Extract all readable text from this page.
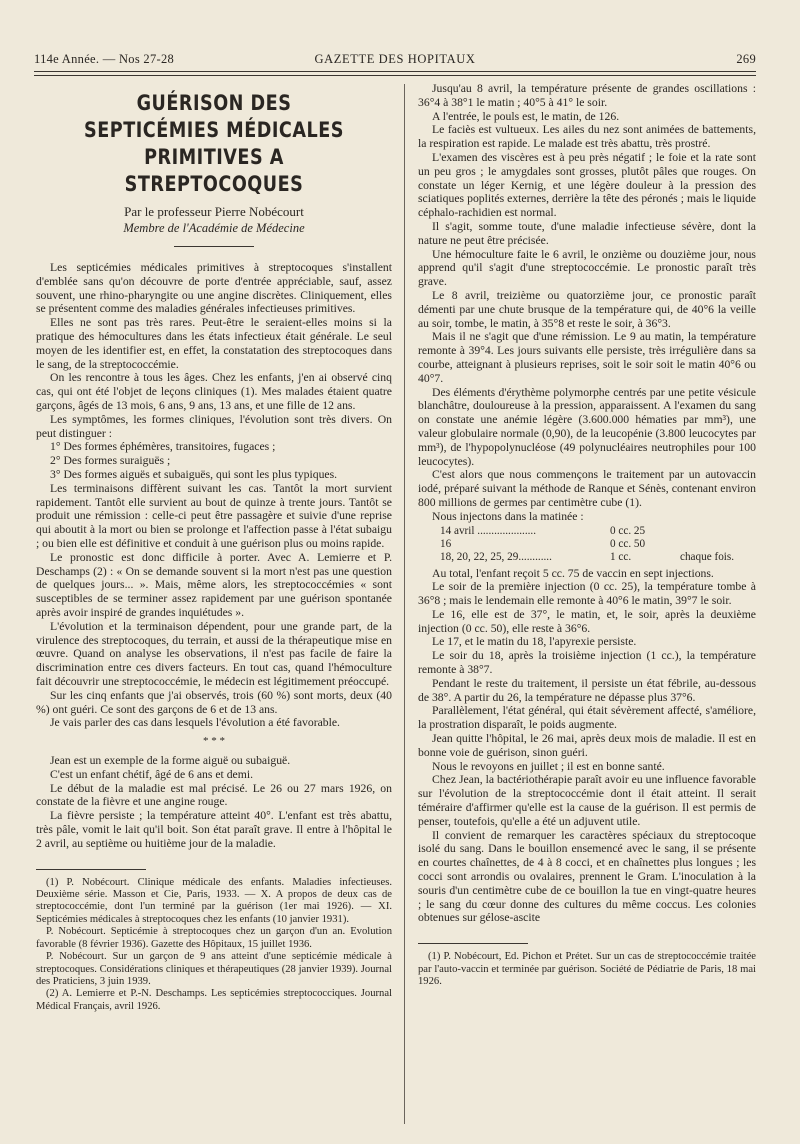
114e Année. — Nos 27-28	GAZETTE DES HOPITAUX	269
GUÉRISON DES SEPTICÉMIES MÉDICALES
PRIMITIVES A STREPTOCOQUES
Par le professeur Pierre Nobécourt
Membre de l'Académie de Médecine

Les septicémies médicales primitives à streptocoques s'installent d'emblée sans qu'on découvre de porte d'entrée appréciable, sauf, assez souvent, une rhino-pharyngite ou une angine discrètes. Cliniquement, elles se présentent comme des maladies générales infectieuses primitives.

Elles ne sont pas très rares. Peut-être le seraient-elles moins si la pratique des hémocultures dans les états infectieux était générale. Le seul moyen de les identifier est, en effet, la constatation des streptocoques dans le sang, de la streptococcémie.

On les rencontre à tous les âges. Chez les enfants, j'en ai observé cinq cas, qui ont été l'objet de leçons cliniques (1). Mes malades étaient quatre garçons, âgés de 13 mois, 6 ans, 9 ans, 13 ans, et une fille de 12 ans.

Les symptômes, les formes cliniques, l'évolution sont très divers. On peut distinguer :

1° Des formes éphémères, transitoires, fugaces ;

2° Des formes suraiguës ;

3° Des formes aiguës et subaiguës, qui sont les plus typiques.

Les terminaisons diffèrent suivant les cas. Tantôt la mort survient rapidement. Tantôt elle survient au bout de quinze à trente jours. Tantôt se produit une rémission : celle-ci peut être passagère et suivie d'une reprise qui aboutit à la mort ou bien se prolonge et l'affection passe à l'état subaigu ; ou bien elle est définitive et conduit à une guérison plus ou moins rapide.

Le pronostic est donc difficile à porter. Avec A. Lemierre et P. Deschamps (2) : « On se demande souvent si la mort n'est pas une question de quelques jours... ». Mais, même alors, les streptococcémies « sont susceptibles de se terminer assez rapidement par une guérison spontanée après avoir inspiré de grandes inquiétudes ».

L'évolution et la terminaison dépendent, pour une grande part, de la virulence des streptocoques, du terrain, et aussi de la thérapeutique mise en œuvre. Quand on analyse les observations, il n'est pas facile de faire la discrimination entre ces divers facteurs. En tout cas, quand l'hémoculture fait découvrir une streptococcémie, le médecin est légitimement préoccupé.

Sur les cinq enfants que j'ai observés, trois (60 %) sont morts, deux (40 %) ont guéri. Ce sont des garçons de 6 et de 13 ans.

Je vais parler des cas dans lesquels l'évolution a été favorable.

* * *

Jean est un exemple de la forme aiguë ou subaiguë.

C'est un enfant chétif, âgé de 6 ans et demi.

Le début de la maladie est mal précisé. Le 26 ou 27 mars 1926, on constate de la fièvre et une angine rouge.

La fièvre persiste ; la température atteint 40°. L'enfant est très abattu, très pâle, vomit le lait qu'il boit. Son état paraît grave. Il entre à l'hôpital le 2 avril, au septième ou huitième jour de la maladie.

(1) P. Nobécourt. Clinique médicale des enfants. Maladies infectieuses. Deuxième série. Masson et Cie, Paris, 1933. — X. A propos de deux cas de streptococcémie, dont l'un terminé par la guérison (1er mai 1926). — XI. Septicémies médicales à streptocoques chez les enfants (10 janvier 1931).

P. Nobécourt. Septicémie à streptocoques chez un garçon d'un an. Evolution favorable (8 février 1936). Gazette des Hôpitaux, 15 juillet 1936.

P. Nobécourt. Sur un garçon de 9 ans atteint d'une septicémie médicale à streptocoques. Considérations cliniques et thérapeutiques (28 janvier 1939). Journal des Praticiens, 3 juin 1939.

(2) A. Lemierre et P.-N. Deschamps. Les septicémies streptococciques. Journal Médical Français, avril 1926.

Jusqu'au 8 avril, la température présente de grandes oscillations : 36°4 à 38°1 le matin ; 40°5 à 41° le soir.

A l'entrée, le pouls est, le matin, de 126.

Le faciès est vultueux. Les ailes du nez sont animées de battements, la respiration est rapide. Le malade est très abattu, très prostré.

L'examen des viscères est à peu près négatif ; le foie et la rate sont un peu gros ; le amygdales sont grosses, plutôt pâles que rouges. On constate un léger Kernig, et une légère douleur à la pression des sciatiques poplités externes, derrière la tête des péronés ; mais le liquide céphalo-rachidien est normal.

Il s'agit, somme toute, d'une maladie infectieuse sévère, dont la nature ne peut être précisée.

Une hémoculture faite le 6 avril, le onzième ou douzième jour, nous apprend qu'il s'agit d'une streptococcémie. Le pronostic paraît très grave.

Le 8 avril, treizième ou quatorzième jour, ce pronostic paraît démenti par une chute brusque de la température qui, de 40°6 la veille au soir, tombe, le matin, à 35°8 et reste le soir, à 36°3.

Mais il ne s'agit que d'une rémission. Le 9 au matin, la température remonte à 39°4. Les jours suivants elle persiste, très irrégulière dans sa courbe, atteignant à plusieurs reprises, soit le soir soit le matin 40°6 ou 40°7.

Des éléments d'érythème polymorphe centrés par une petite vésicule blanchâtre, douloureuse à la pression, apparaissent. A l'examen du sang on constate une anémie légère (3.600.000 hématies par mm³), une valeur globulaire normale (0,90), de la leucopénie (3.800 leucocytes par mm³), de l'hypopolynucléose (49 polynucléaires neutrophiles pour 100 leucocytes).

C'est alors que nous commençons le traitement par un autovaccin iodé, préparé suivant la méthode de Ranque et Sénès, contenant environ 800 millions de germes par centimètre cube (1).

Nous injectons dans la matinée :

14 avril .....................	0 cc. 25
16	0 cc. 50
18, 20, 22, 25, 29............	1 cc.	chaque fois.

Au total, l'enfant reçoit 5 cc. 75 de vaccin en sept injections.

Le soir de la première injection (0 cc. 25), la température tombe à 36°8 ; mais le lendemain elle remonte à 40°6 le matin, 39°7 le soir.

Le 16, elle est de 37°, le matin, et, le soir, après la deuxième injection (0 cc. 50), elle reste à 36°6.

Le 17, et le matin du 18, l'apyrexie persiste.

Le soir du 18, après la troisième injection (1 cc.), la température remonte à 38°7.

Pendant le reste du traitement, il persiste un état fébrile, au-dessous de 38°. A partir du 26, la température ne dépasse plus 37°6.

Parallèlement, l'état général, qui était sévèrement affecté, s'améliore, la prostration disparaît, le poids augmente.

Jean quitte l'hôpital, le 26 mai, après deux mois de maladie. Il est en bonne voie de guérison, sinon guéri.

Nous le revoyons en juillet ; il est en bonne santé.

Chez Jean, la bactériothérapie paraît avoir eu une influence favorable sur l'évolution de la streptococcémie dont il était atteint. Il serait téméraire d'affirmer qu'elle est la cause de la guérison. Il est permis de penser, toutefois, qu'elle a été un adjuvent utile.

Il convient de remarquer les caractères spéciaux du streptocoque isolé du sang. Dans le bouillon ensemencé avec le sang, il se présente en courtes chaînettes, de 4 à 8 cocci, et en chaînettes plus longues ; les cocci sont arrondis ou ovalaires, prennent le Gram. L'inoculation à la souris d'un centimètre cube de ce bouillon la tue en vingt-quatre heures ; le sang du cœur donne des cultures du même coccus. Les colonies obtenues sur gélose-ascite

(1) P. Nobécourt, Ed. Pichon et Prétet. Sur un cas de streptococcémie traitée par l'auto-vaccin et terminée par guérison. Société de Pédiatrie de Paris, 18 mai 1926.
